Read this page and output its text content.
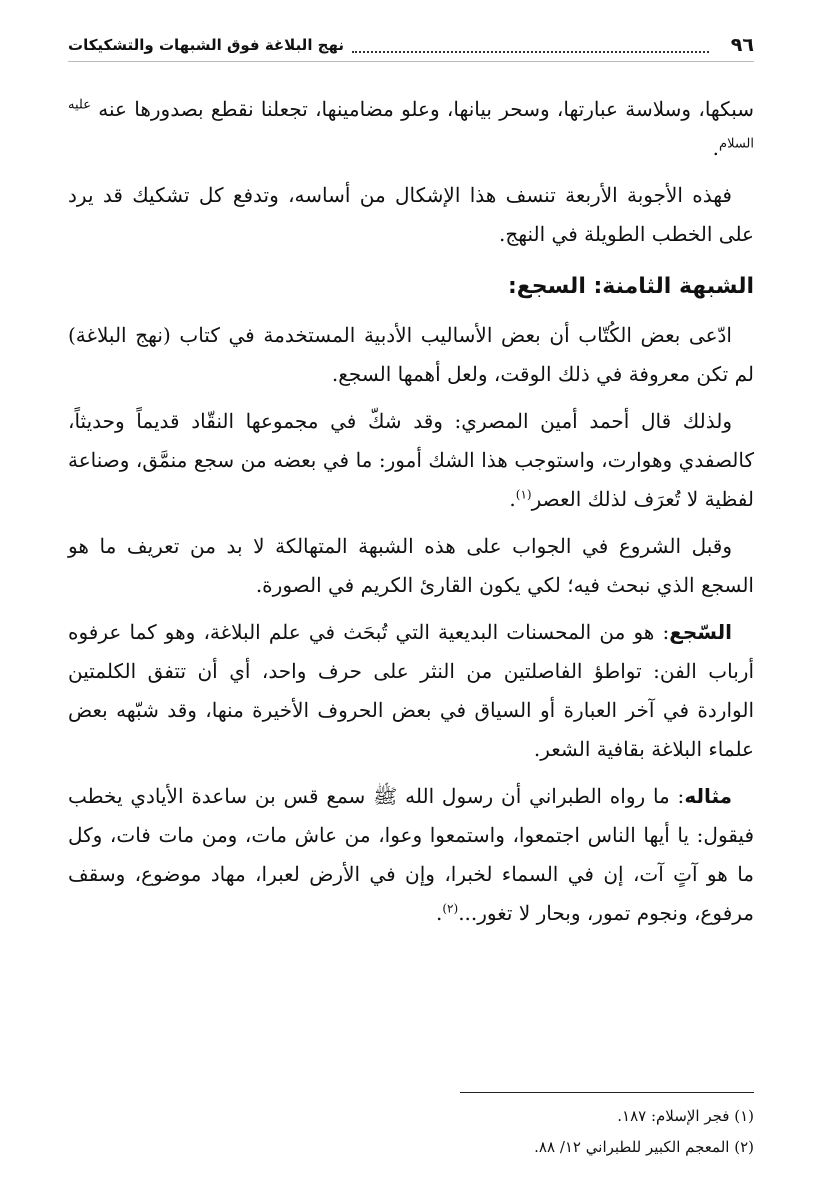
٩٦
نهج البلاغة فوق الشبهات والتشكيكات

سبكها، وسلاسة عبارتها، وسحر بيانها، وعلو مضامينها، تجعلنا نقطع بصدورها عنه $^{عليه السلام}$.

فهذه الأجوبة الأربعة تنسف هذا الإشكال من أساسه، وتدفع كل تشكيك قد يرد على الخطب الطويلة في النهج.

الشبهة الثامنة: السجع:

ادّعى بعض الكُتّاب أن بعض الأساليب الأدبية المستخدمة في كتاب (نهج البلاغة) لم تكن معروفة في ذلك الوقت، ولعل أهمها السجع.

ولذلك قال أحمد أمين المصري: وقد شكّ في مجموعها النقّاد قديماً وحديثاً، كالصفدي وهوارت، واستوجب هذا الشك أمور: ما في بعضه من سجع منمَّق، وصناعة لفظية لا تُعرَف لذلك العصر$^{(١)}$.

وقبل الشروع في الجواب على هذه الشبهة المتهالكة لا بد من تعريف ما هو السجع الذي نبحث فيه؛ لكي يكون القارئ الكريم في الصورة.

السّجع: هو من المحسنات البديعية التي تُبحَث في علم البلاغة، وهو كما عرفوه أرباب الفن: تواطؤ الفاصلتين من النثر على حرف واحد، أي أن تتفق الكلمتين الواردة في آخر العبارة أو السياق في بعض الحروف الأخيرة منها، وقد شبّهه بعض علماء البلاغة بقافية الشعر.

مثاله: ما رواه الطبراني أن رسول الله ﷺ سمع قس بن ساعدة الأيادي يخطب فيقول: يا أيها الناس اجتمعوا، واستمعوا وعوا، من عاش مات، ومن مات فات، وكل ما هو آتٍ آت، إن في السماء لخبرا، وإن في الأرض لعبرا، مهاد موضوع، وسقف مرفوع، ونجوم تمور، وبحار لا تغور...$^{(٢)}$.

(١) فجر الإسلام: ١٨٧.

(٢) المعجم الكبير للطبراني ١٢/ ٨٨.
